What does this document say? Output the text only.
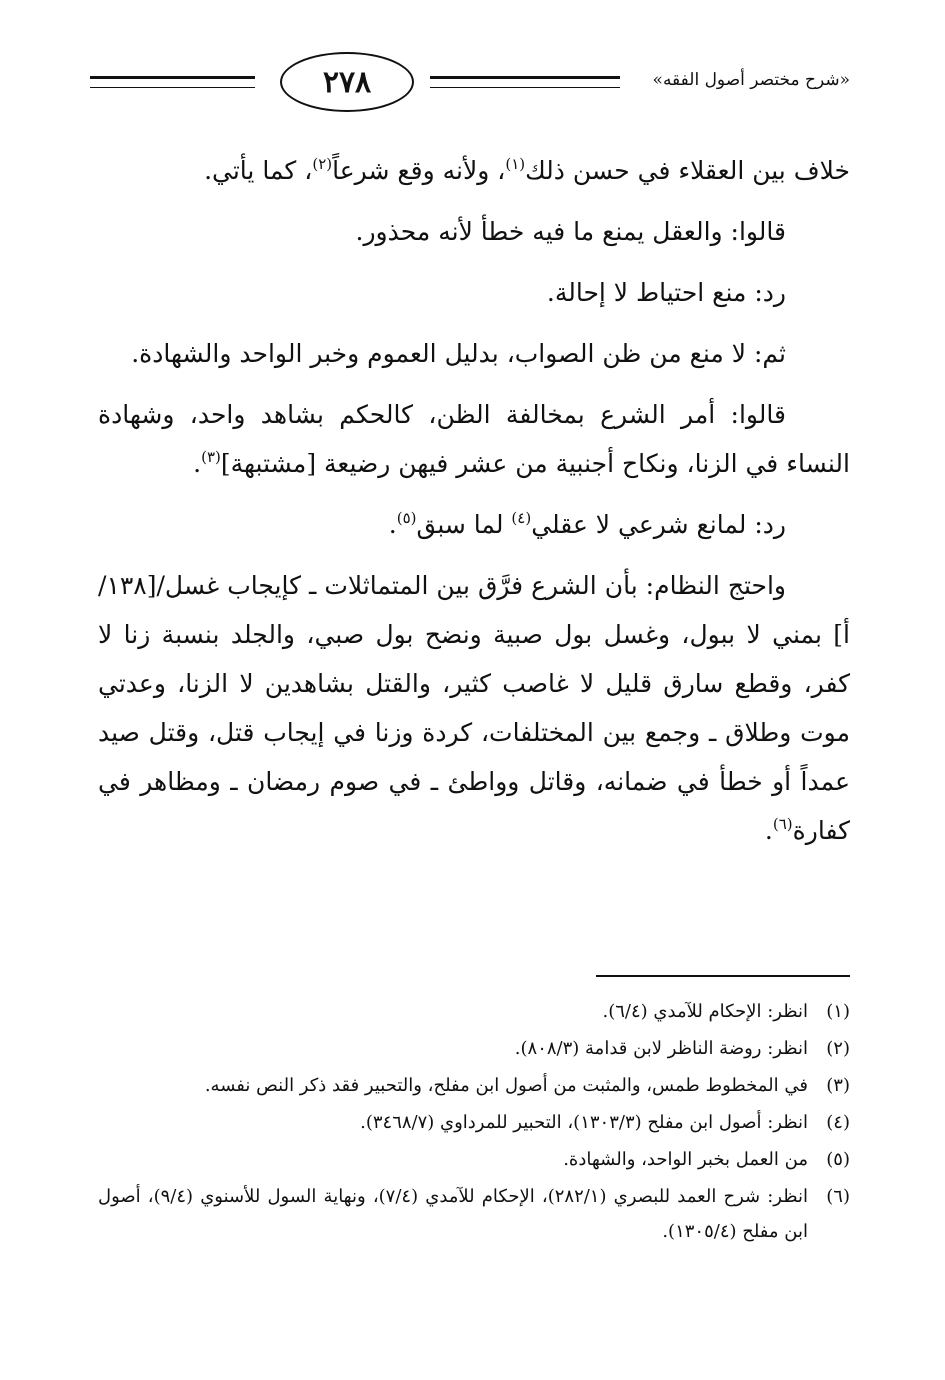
«شرح مختصر أصول الفقه»
٢٧٨

خلاف بين العقلاء في حسن ذلك$^{(١)}$، ولأنه وقع شرعاً$^{(٢)}$، كما يأتي.

قالوا: والعقل يمنع ما فيه خطأ لأنه محذور.

رد: منع احتياط لا إحالة.

ثم: لا منع من ظن الصواب، بدليل العموم وخبر الواحد والشهادة.

قالوا: أمر الشرع بمخالفة الظن، كالحكم بشاهد واحد، وشهادة النساء في الزنا، ونكاح أجنبية من عشر فيهن رضيعة [مشتبهة]$^{(٣)}$.

رد: لمانع شرعي لا عقلي$^{(٤)}$ لما سبق$^{(٥)}$.

واحتج النظام: بأن الشرع فرَّق بين المتماثلات ـ كإيجاب غسل/[١٣٨/أ] بمني لا ببول، وغسل بول صبية ونضح بول صبي، والجلد بنسبة زنا لا كفر، وقطع سارق قليل لا غاصب كثير، والقتل بشاهدين لا الزنا، وعدتي موت وطلاق ـ وجمع بين المختلفات، كردة وزنا في إيجاب قتل، وقتل صيد عمداً أو خطأ في ضمانه، وقاتل وواطئ ـ في صوم رمضان ـ ومظاهر في كفارة$^{(٦)}$.

(١)
انظر: الإحكام للآمدي (٦/٤).
(٢)
انظر: روضة الناظر لابن قدامة (٨٠٨/٣).
(٣)
في المخطوط طمس، والمثبت من أصول ابن مفلح، والتحبير فقد ذكر النص نفسه.
(٤)
انظر: أصول ابن مفلح (١٣٠٣/٣)، التحبير للمرداوي (٣٤٦٨/٧).
(٥)
من العمل بخبر الواحد، والشهادة.
(٦)
انظر: شرح العمد للبصري (٢٨٢/١)، الإحكام للآمدي (٧/٤)، ونهاية السول للأسنوي (٩/٤)، أصول ابن مفلح (١٣٠٥/٤).
